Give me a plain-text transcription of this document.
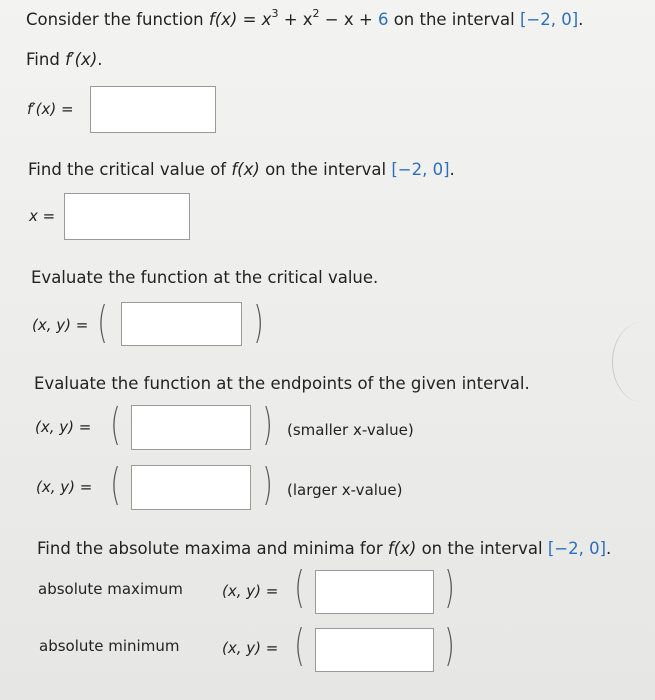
Consider the function $f(x) = x^3 + x^2 - x + 6$ on the interval [−2, 0].
Find f′(x).
f′(x) =
Find the critical value of f(x) on the interval [−2, 0].
x =
Evaluate the function at the critical value.
(x, y) = (	)
Evaluate the function at the endpoints of the given interval.
(x, y) = (	) (smaller x-value)
(x, y) = (	) (larger x-value)
Find the absolute maxima and minima for f(x) on the interval [−2, 0].
absolute maximum	(x, y) = (	)
absolute minimum	(x, y) = (	)
